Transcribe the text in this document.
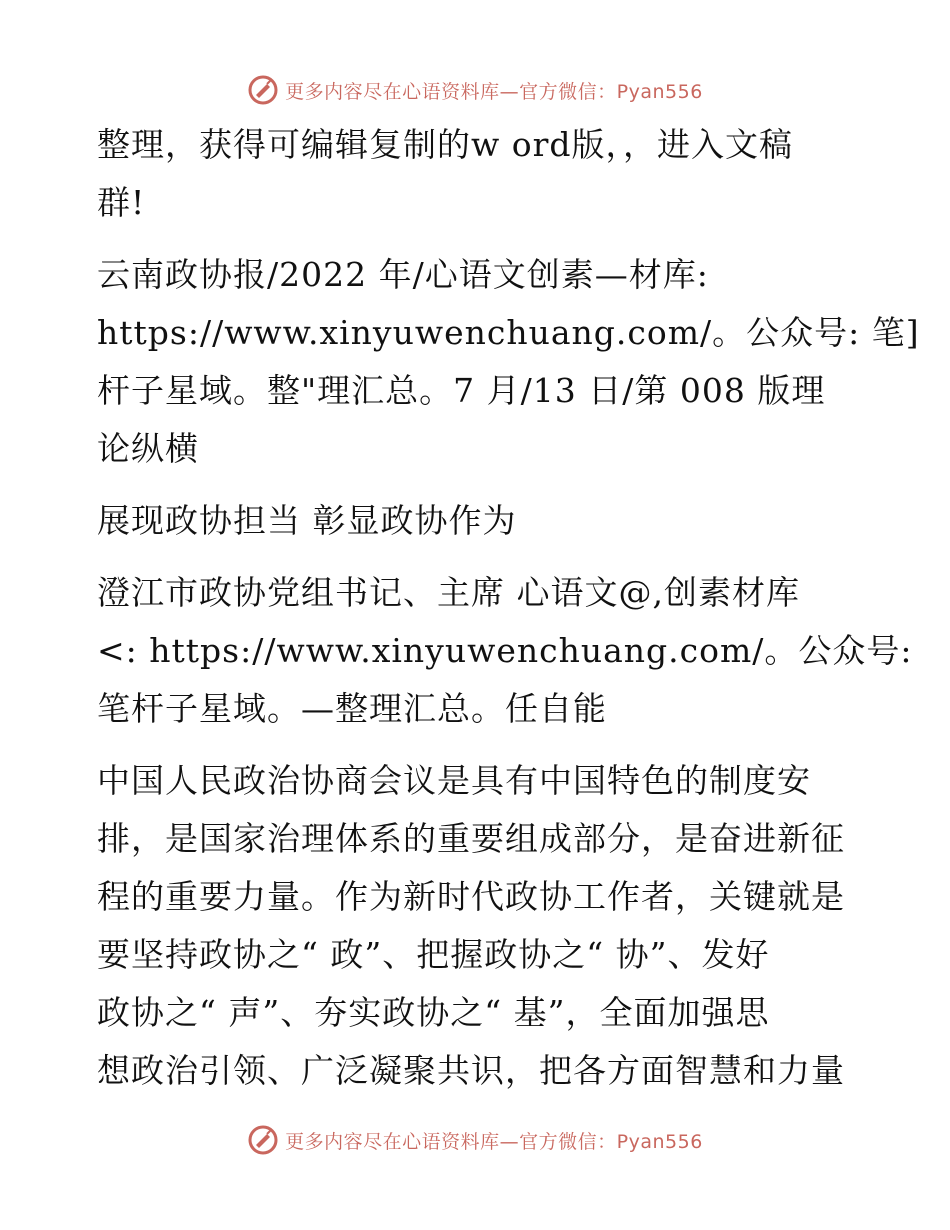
更多内容尽在心语资料库—官方微信：Pyan556

整理，获得可编辑复制的w ord版，，进入文稿
群!

云南政协报/2022 年/心语文创素—材库:
https://www.xinyuwenchuang.com/。公众号: 笔]
杆子星域。整"理汇总。7 月/13 日/第 008 版理
论纵横

展现政协担当 彰显政协作为

澄江市政协党组书记、主席 心语文@,创素材库
<: https://www.xinyuwenchuang.com/。公众号:
笔杆子星域。—整理汇总。任自能

中国人民政治协商会议是具有中国特色的制度安
排，是国家治理体系的重要组成部分，是奋进新征
程的重要力量。作为新时代政协工作者，关键就是
要坚持政协之“ 政”、把握政协之“ 协”、发好
政协之“ 声”、夯实政协之“ 基”，全面加强思
想政治引领、广泛凝聚共识，把各方面智慧和力量

更多内容尽在心语资料库—官方微信：Pyan556
